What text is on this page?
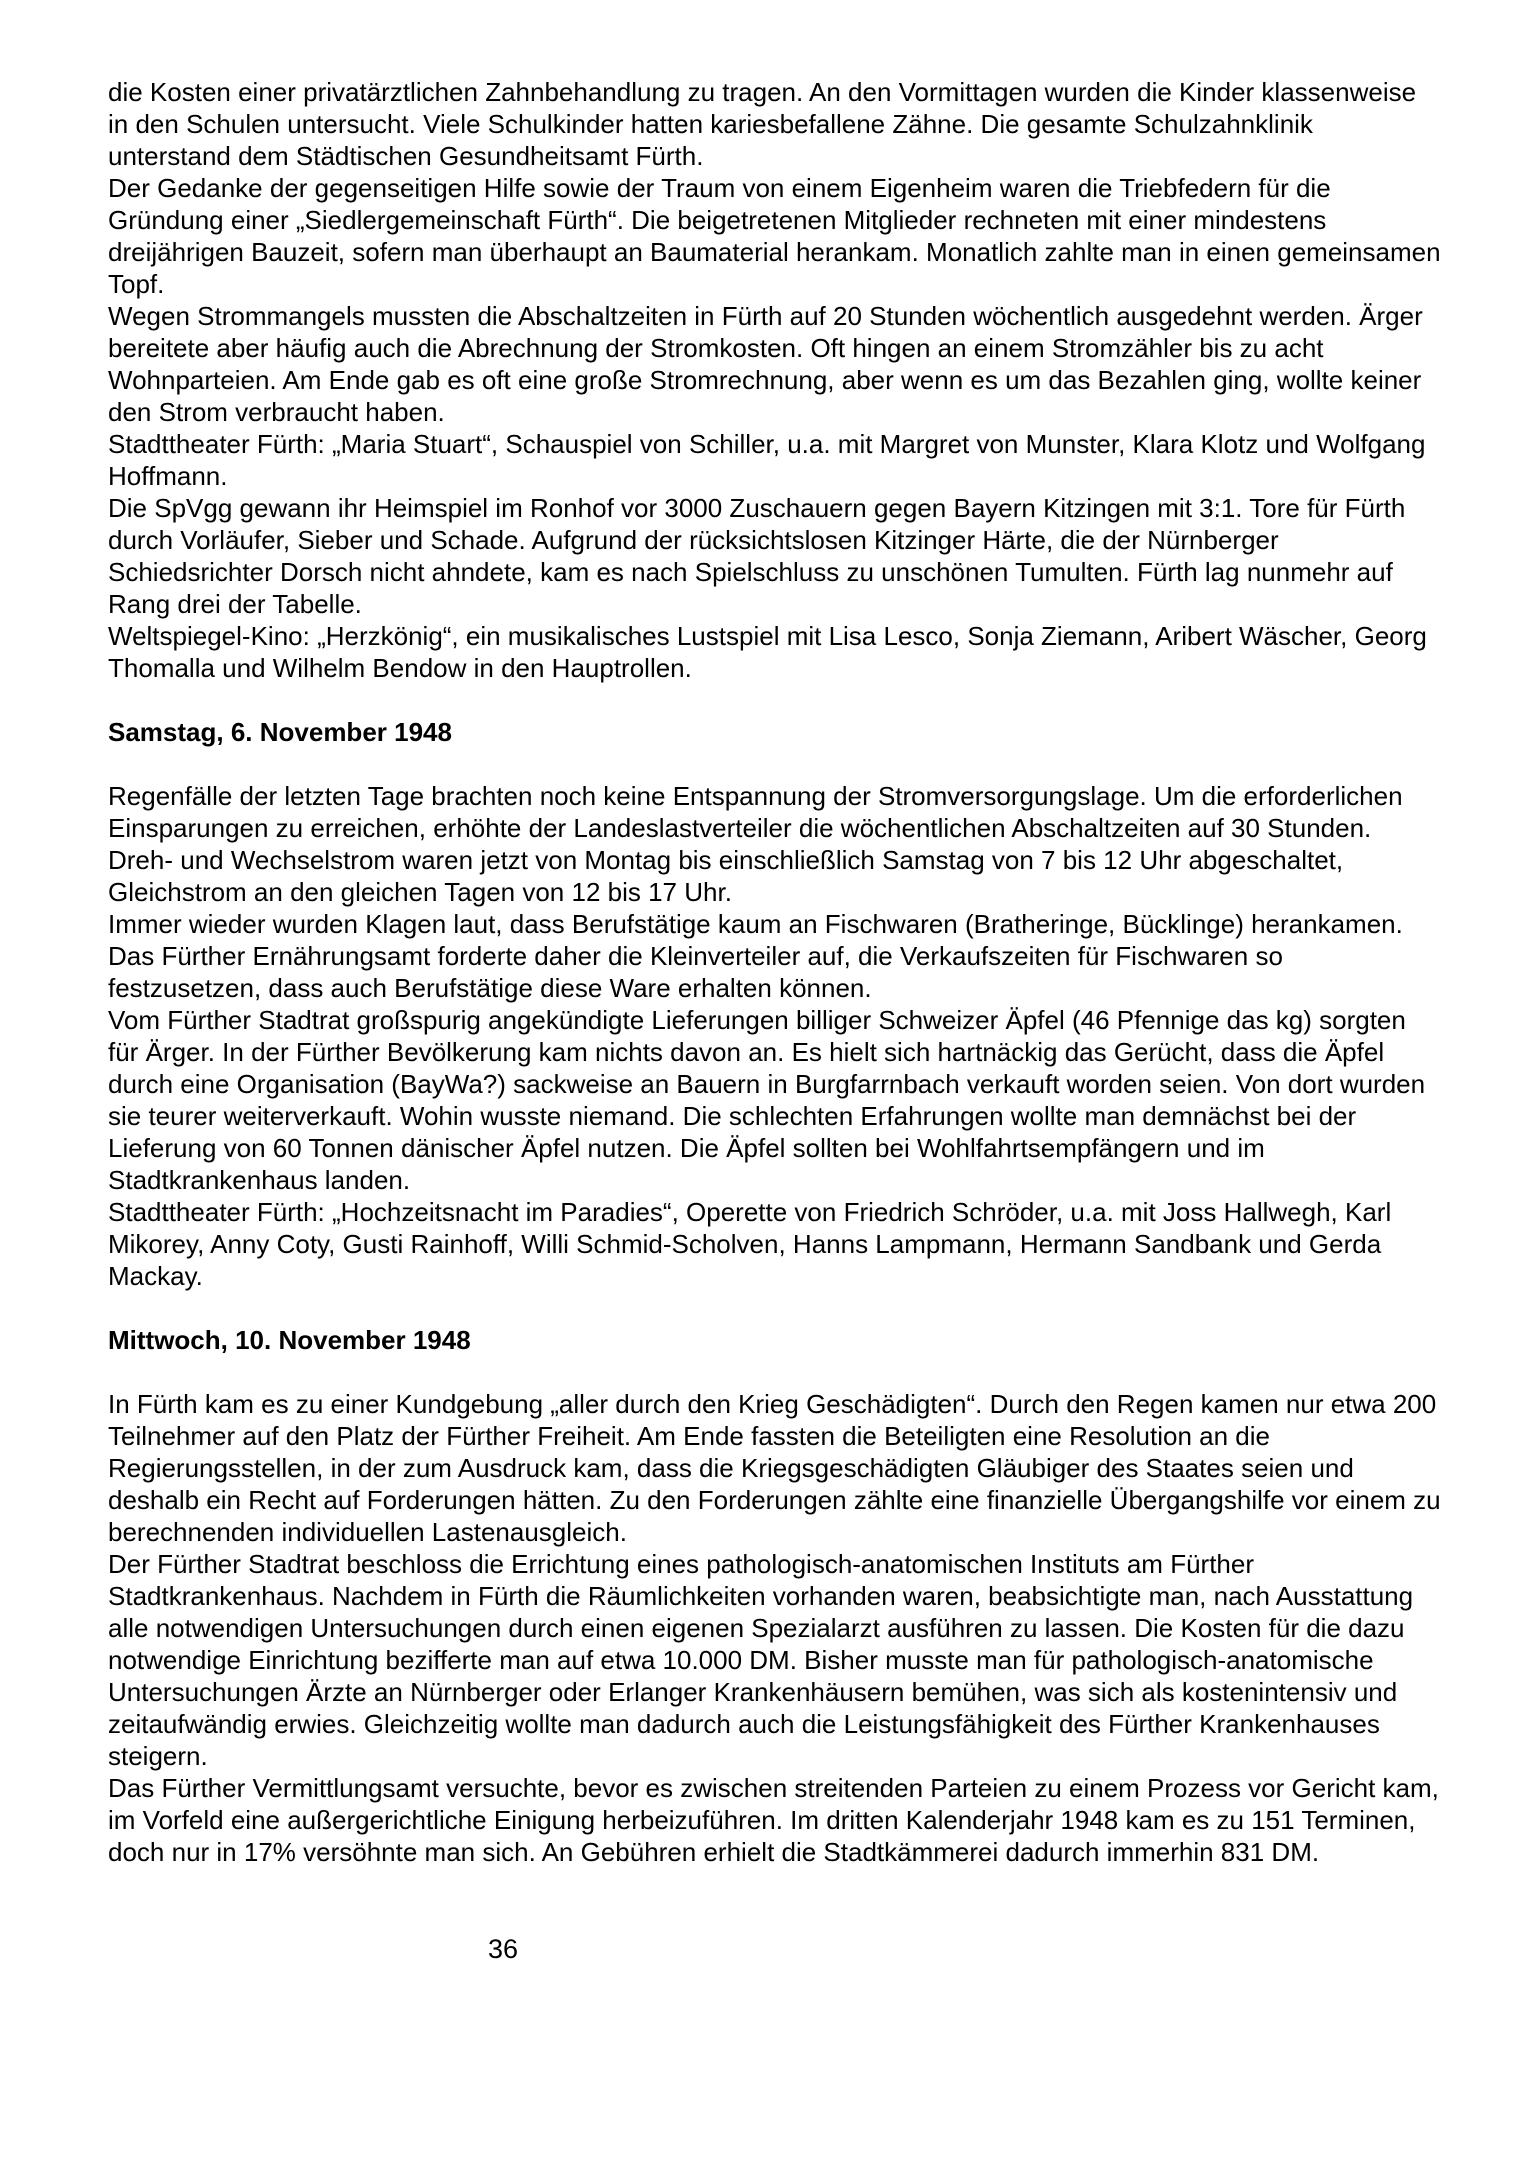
die Kosten einer privatärztlichen Zahnbehandlung zu tragen. An den Vormittagen wurden die Kinder klassenweise in den Schulen untersucht. Viele Schulkinder hatten kariesbefallene Zähne. Die gesamte Schulzahnklinik unterstand dem Städtischen Gesundheitsamt Fürth.

Der Gedanke der gegenseitigen Hilfe sowie der Traum von einem Eigenheim waren die Triebfedern für die Gründung einer „Siedlergemeinschaft Fürth“. Die beigetretenen Mitglieder rechneten mit einer mindestens dreijährigen Bauzeit, sofern man überhaupt an Baumaterial herankam. Monatlich zahlte man in einen gemeinsamen Topf.

Wegen Strommangels mussten die Abschaltzeiten in Fürth auf 20 Stunden wöchentlich ausgedehnt werden. Ärger bereitete aber häufig auch die Abrechnung der Stromkosten. Oft hingen an einem Stromzähler bis zu acht Wohnparteien. Am Ende gab es oft eine große Stromrechnung, aber wenn es um das Bezahlen ging, wollte keiner den Strom verbraucht haben.

Stadttheater Fürth: „Maria Stuart“, Schauspiel von Schiller, u.a. mit Margret von Munster, Klara Klotz und Wolfgang Hoffmann.

Die SpVgg gewann ihr Heimspiel im Ronhof vor 3000 Zuschauern gegen Bayern Kitzingen mit 3:1. Tore für Fürth durch Vorläufer, Sieber und Schade. Aufgrund der rücksichtslosen Kitzinger Härte, die der Nürnberger Schiedsrichter Dorsch nicht ahndete, kam es nach Spielschluss zu unschönen Tumulten. Fürth lag nunmehr auf Rang drei der Tabelle.

Weltspiegel-Kino: „Herzkönig“, ein musikalisches Lustspiel mit Lisa Lesco, Sonja Ziemann, Aribert Wäscher, Georg Thomalla und Wilhelm Bendow in den Hauptrollen.

Samstag, 6. November 1948

Regenfälle der letzten Tage brachten noch keine Entspannung der Stromversorgungslage. Um die erforderlichen Einsparungen zu erreichen, erhöhte der Landeslastverteiler die wöchentlichen Abschaltzeiten auf 30 Stunden. Dreh- und Wechselstrom waren jetzt von Montag bis einschließlich Samstag von 7 bis 12 Uhr abgeschaltet, Gleichstrom an den gleichen Tagen von 12 bis 17 Uhr.

Immer wieder wurden Klagen laut, dass Berufstätige kaum an Fischwaren (Bratheringe, Bücklinge) herankamen. Das Fürther Ernährungsamt forderte daher die Kleinverteiler auf, die Verkaufszeiten für Fischwaren so festzusetzen, dass auch Berufstätige diese Ware erhalten können.

Vom Fürther Stadtrat großspurig angekündigte Lieferungen billiger Schweizer Äpfel (46 Pfennige das kg) sorgten für Ärger. In der Fürther Bevölkerung kam nichts davon an. Es hielt sich hartnäckig das Gerücht, dass die Äpfel durch eine Organisation (BayWa?) sackweise an Bauern in Burgfarrnbach verkauft worden seien. Von dort wurden sie teurer weiterverkauft. Wohin wusste niemand. Die schlechten Erfahrungen wollte man demnächst bei der Lieferung von 60 Tonnen dänischer Äpfel nutzen. Die Äpfel sollten bei Wohlfahrtsempfängern und im Stadtkrankenhaus landen.

Stadttheater Fürth: „Hochzeitsnacht im Paradies“, Operette von Friedrich Schröder, u.a. mit Joss Hallwegh, Karl Mikorey, Anny Coty, Gusti Rainhoff, Willi Schmid-Scholven, Hanns Lampmann, Hermann Sandbank und Gerda Mackay.

Mittwoch, 10. November 1948

In Fürth kam es zu einer Kundgebung „aller durch den Krieg Geschädigten“. Durch den Regen kamen nur etwa 200 Teilnehmer auf den Platz der Fürther Freiheit. Am Ende fassten die Beteiligten eine Resolution an die Regierungsstellen, in der zum Ausdruck kam, dass die Kriegsgeschädigten Gläubiger des Staates seien und deshalb ein Recht auf Forderungen hätten. Zu den Forderungen zählte eine finanzielle Übergangshilfe vor einem zu berechnenden individuellen Lastenausgleich.

Der Fürther Stadtrat beschloss die Errichtung eines pathologisch-anatomischen Instituts am Fürther Stadtkrankenhaus. Nachdem in Fürth die Räumlichkeiten vorhanden waren, beabsichtigte man, nach Ausstattung alle notwendigen Untersuchungen durch einen eigenen Spezialarzt ausführen zu lassen. Die Kosten für die dazu notwendige Einrichtung bezifferte man auf etwa 10.000 DM. Bisher musste man für pathologisch-anatomische Untersuchungen Ärzte an Nürnberger oder Erlanger Krankenhäusern bemühen, was sich als kostenintensiv und zeitaufwändig erwies. Gleichzeitig wollte man dadurch auch die Leistungsfähigkeit des Fürther Krankenhauses steigern.

Das Fürther Vermittlungsamt versuchte, bevor es zwischen streitenden Parteien zu einem Prozess vor Gericht kam, im Vorfeld eine außergerichtliche Einigung herbeizuführen. Im dritten Kalenderjahr 1948 kam es zu 151 Terminen, doch nur in 17% versöhnte man sich. An Gebühren erhielt die Stadtkämmerei dadurch immerhin 831 DM.

36
